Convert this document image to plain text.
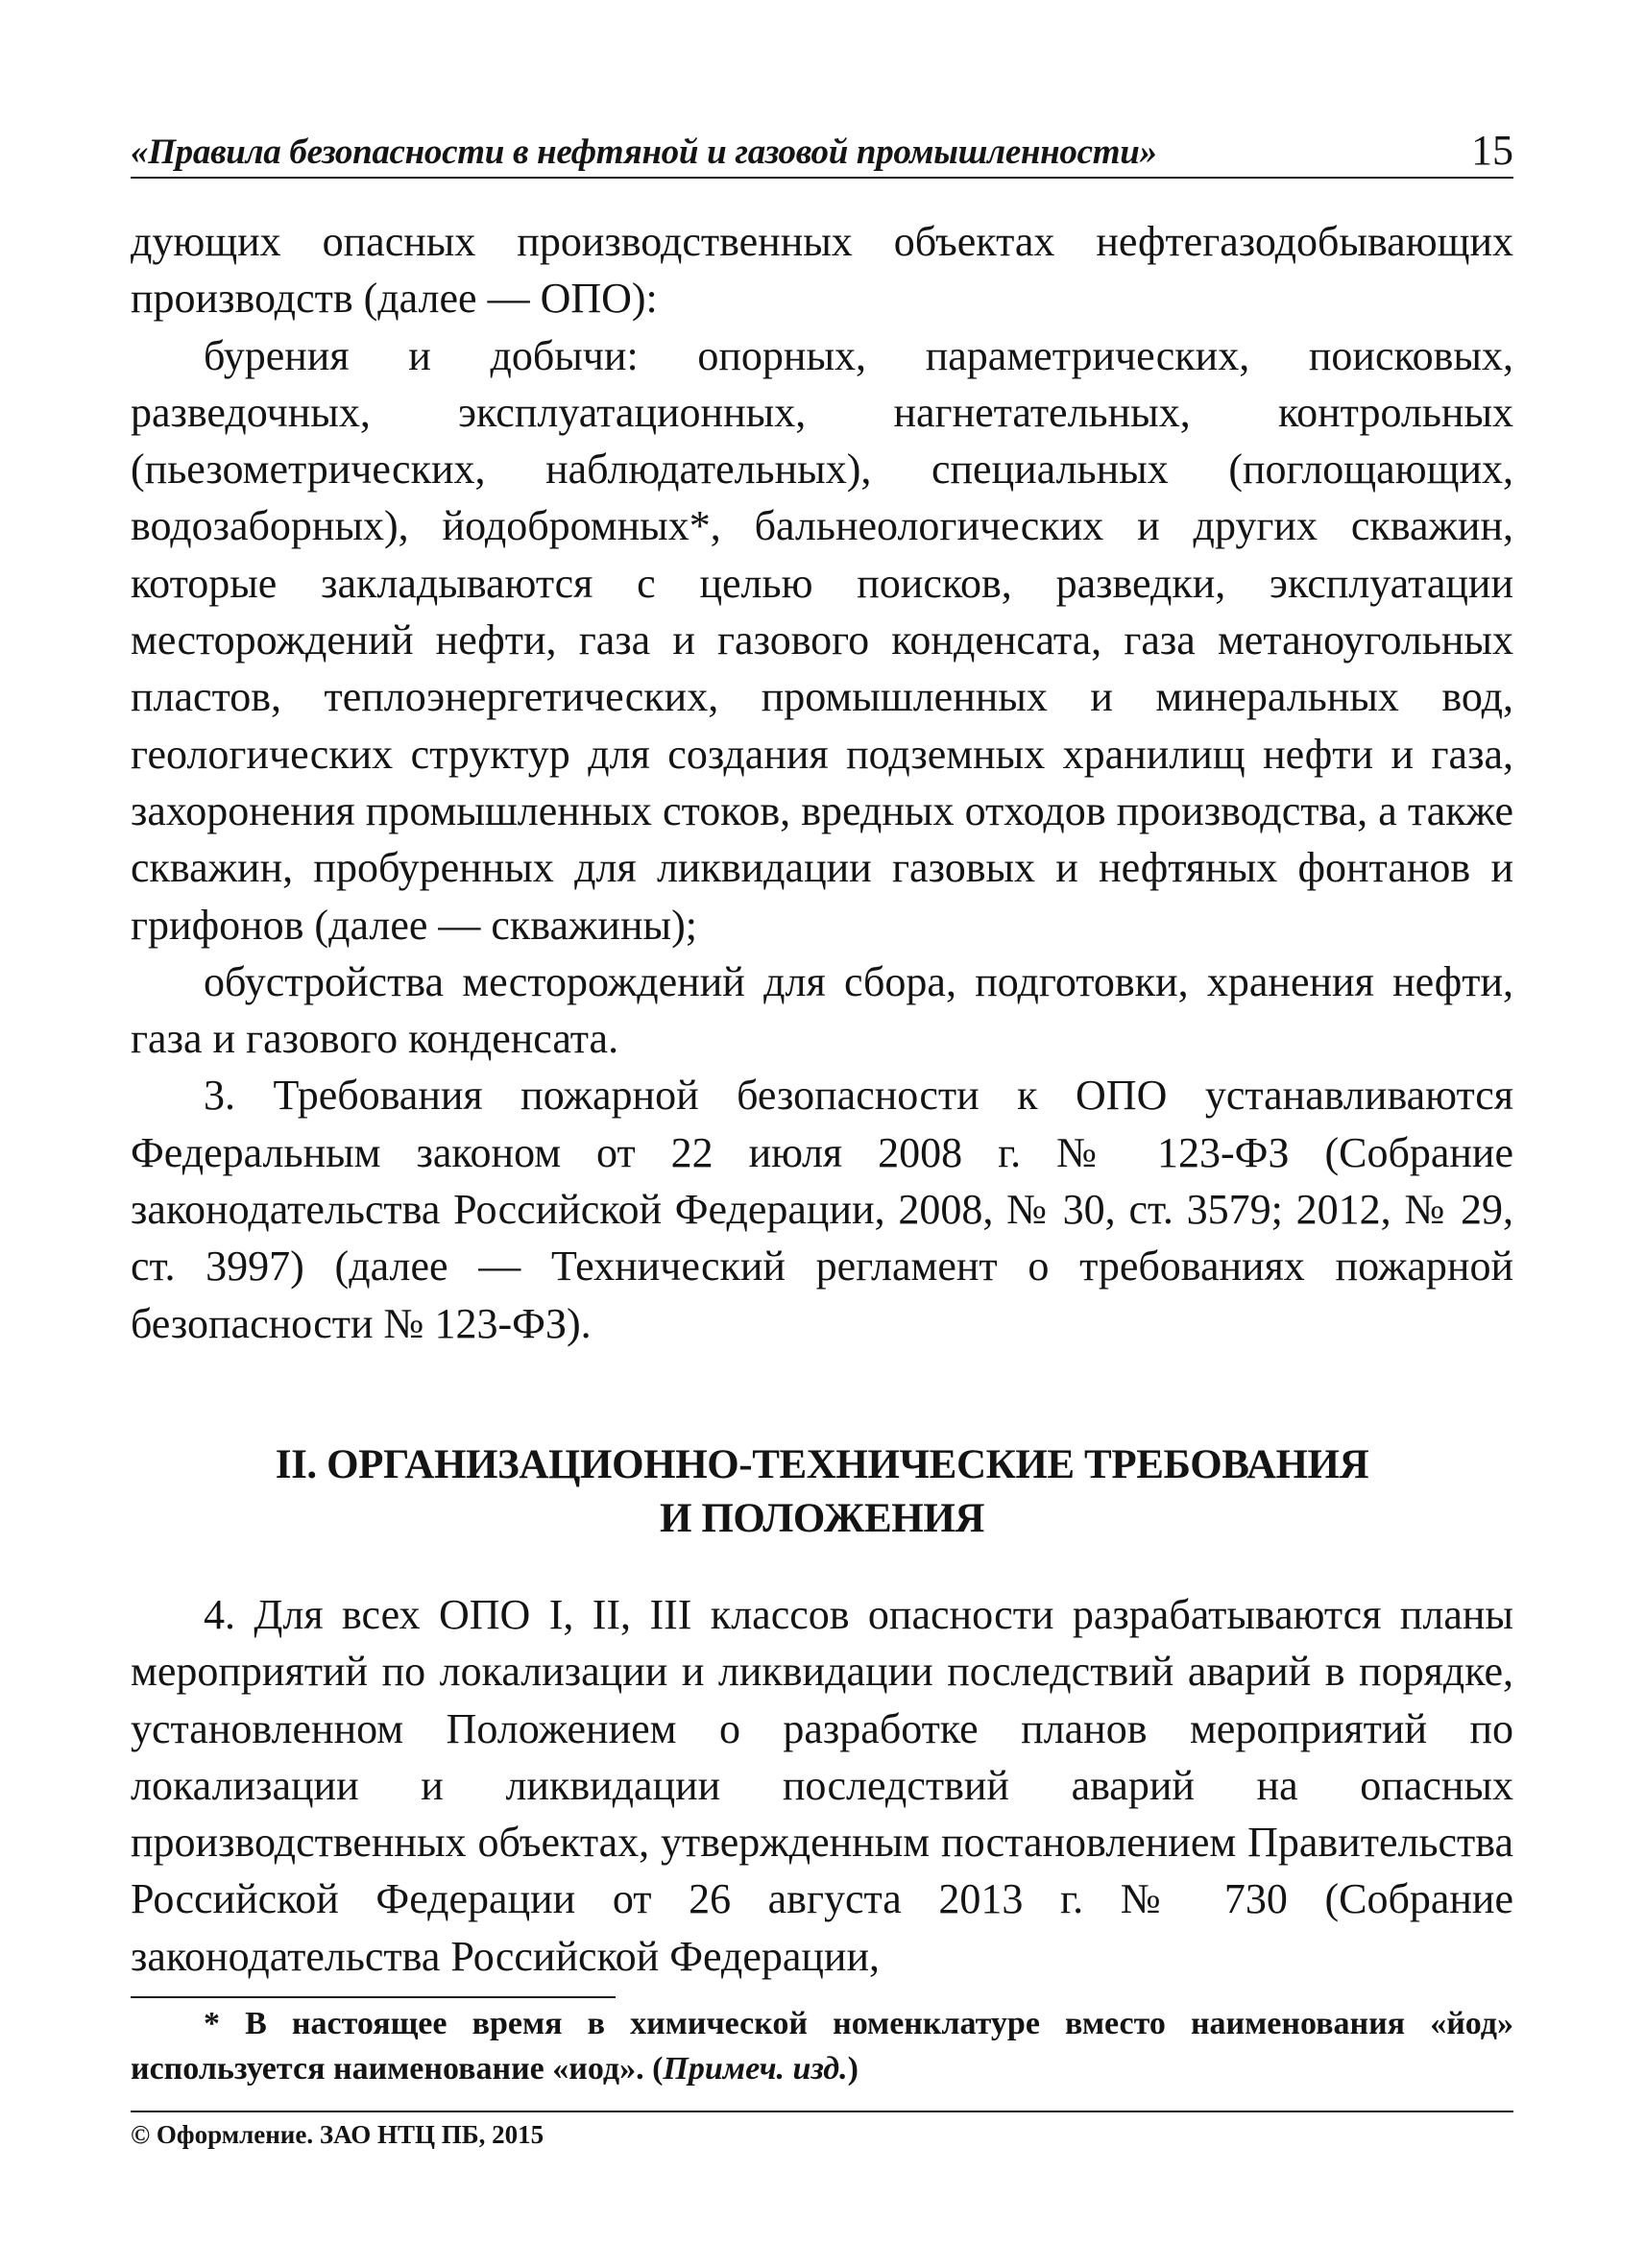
«Правила безопасности в нефтяной и газовой промышленности»	15

дующих опасных производственных объектах нефтегазодобывающих производств (далее — ОПО):

бурения и добычи: опорных, параметрических, поисковых, разведочных, эксплуатационных, нагнетательных, контрольных (пьезометрических, наблюдательных), специальных (поглощающих, водозаборных), йодобромных*, бальнеологических и других скважин, которые закладываются с целью поисков, разведки, эксплуатации месторождений нефти, газа и газового конденсата, газа метаноугольных пластов, теплоэнергетических, промышленных и минеральных вод, геологических структур для создания подземных хранилищ нефти и газа, захоронения промышленных стоков, вредных отходов производства, а также скважин, пробуренных для ликвидации газовых и нефтяных фонтанов и грифонов (далее — скважины);

обустройства месторождений для сбора, подготовки, хранения нефти, газа и газового конденсата.

3. Требования пожарной безопасности к ОПО устанавливаются Федеральным законом от 22 июля 2008 г. № 123-ФЗ (Собрание законодательства Российской Федерации, 2008, № 30, ст. 3579; 2012, № 29, ст. 3997) (далее — Технический регламент о требованиях пожарной безопасности № 123-ФЗ).

II. ОРГАНИЗАЦИОННО-ТЕХНИЧЕСКИЕ ТРЕБОВАНИЯ
И ПОЛОЖЕНИЯ

4. Для всех ОПО I, II, III классов опасности разрабатываются планы мероприятий по локализации и ликвидации последствий аварий в порядке, установленном Положением о разработке планов мероприятий по локализации и ликвидации последствий аварий на опасных производственных объектах, утвержденным постановлением Правительства Российской Федерации от 26 августа 2013 г. № 730 (Собрание законодательства Российской Федерации,

* В настоящее время в химической номенклатуре вместо наименования «йод» используется наименование «иод». (Примеч. изд.)
© Оформление. ЗАО НТЦ ПБ, 2015
